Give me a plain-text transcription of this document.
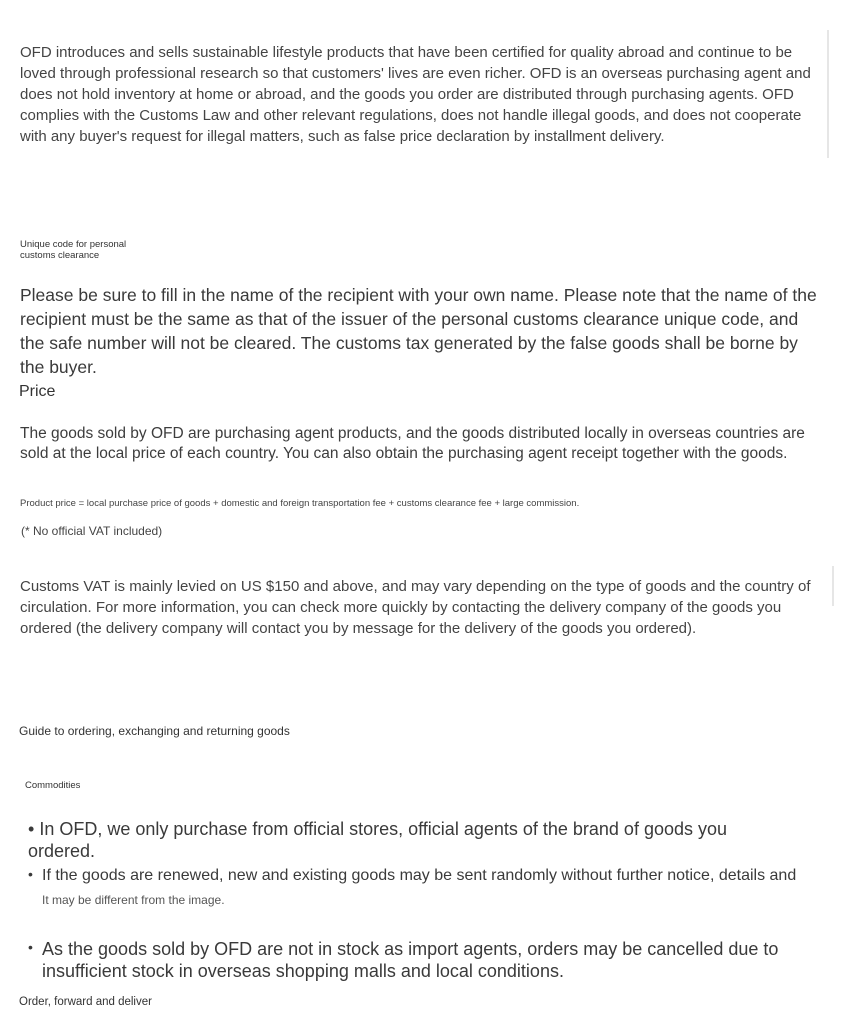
OFD introduces and sells sustainable lifestyle products that have been certified for quality abroad and continue to be loved through professional research so that customers' lives are even richer. OFD is an overseas purchasing agent and does not hold inventory at home or abroad, and the goods you order are distributed through purchasing agents. OFD complies with the Customs Law and other relevant regulations, does not handle illegal goods, and does not cooperate with any buyer's request for illegal matters, such as false price declaration by installment delivery.
Unique code for personal
customs clearance
Please be sure to fill in the name of the recipient with your own name. Please note that the name of the recipient must be the same as that of the issuer of the personal customs clearance unique code, and the safe number will not be cleared. The customs tax generated by the false goods shall be borne by the buyer.
Price
The goods sold by OFD are purchasing agent products, and the goods distributed locally in overseas countries are sold at the local price of each country. You can also obtain the purchasing agent receipt together with the goods.
Product price = local purchase price of goods + domestic and foreign transportation fee + customs clearance fee + large commission.
(* No official VAT included)
Customs VAT is mainly levied on US $150 and above, and may vary depending on the type of goods and the country of circulation. For more information, you can check more quickly by contacting the delivery company of the goods you ordered (the delivery company will contact you by message for the delivery of the goods you ordered).
Guide to ordering, exchanging and returning goods
Commodities
• In OFD, we only purchase from official stores, official agents of the brand of goods you ordered.
• If the goods are renewed, new and existing goods may be sent randomly without further notice, details and
It may be different from the image.
• As the goods sold by OFD are not in stock as import agents, orders may be cancelled due to insufficient stock in overseas shopping malls and local conditions.
Order, forward and deliver
